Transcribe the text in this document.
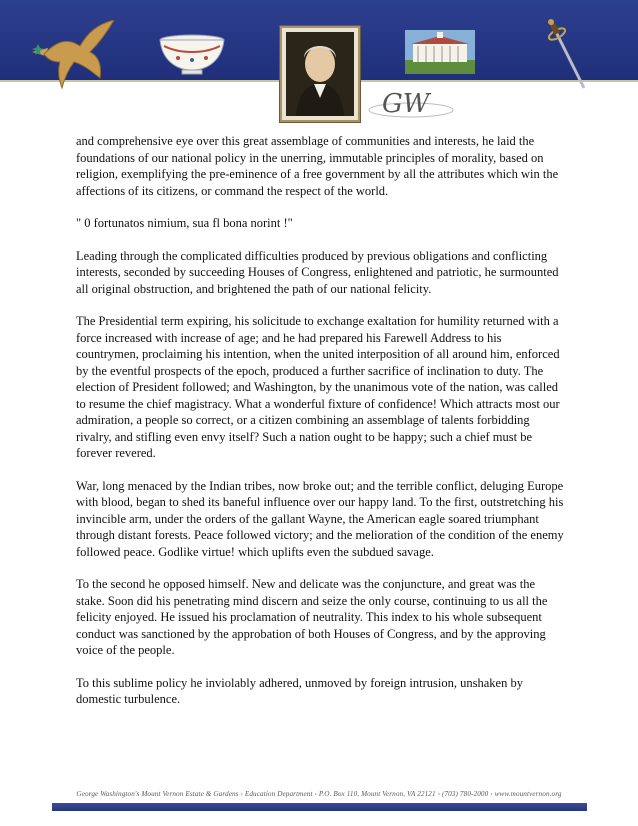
GW

and comprehensive eye over this great assemblage of communities and interests, he laid the foundations of our national policy in the unerring, immutable principles of morality, based on religion, exemplifying the pre-eminence of a free government by all the attributes which win the affections of its citizens, or command the respect of the world.

" 0 fortunatos nimium, sua fl bona norint !"

Leading through the complicated difficulties produced by previous obligations and conflicting interests, seconded by succeeding Houses of Congress, enlightened and patriotic, he surmounted all original obstruction, and brightened the path of our national felicity.

The Presidential term expiring, his solicitude to exchange exaltation for humility returned with a force increased with increase of age; and he had prepared his Farewell Address to his countrymen, proclaiming his intention, when the united interposition of all around him, enforced by the eventful prospects of the epoch, produced a further sacrifice of inclination to duty. The election of President followed; and Washington, by the unanimous vote of the nation, was called to resume the chief magistracy. What a wonderful fixture of confidence! Which attracts most our admiration, a people so correct, or a citizen combining an assemblage of talents forbidding rivalry, and stifling even envy itself? Such a nation ought to be happy; such a chief must be forever revered.

War, long menaced by the Indian tribes, now broke out; and the terrible conflict, deluging Europe with blood, began to shed its baneful influence over our happy land. To the first, outstretching his invincible arm, under the orders of the gallant Wayne, the American eagle soared triumphant through distant forests. Peace followed victory; and the melioration of the condition of the enemy followed peace. Godlike virtue! which uplifts even the subdued savage.

To the second he opposed himself. New and delicate was the conjuncture, and great was the stake. Soon did his penetrating mind discern and seize the only course, continuing to us all the felicity enjoyed. He issued his proclamation of neutrality. This index to his whole subsequent conduct was sanctioned by the approbation of both Houses of Congress, and by the approving voice of the people.

To this sublime policy he inviolably adhered, unmoved by foreign intrusion, unshaken by domestic turbulence.

George Washington's Mount Vernon Estate & Gardens › Education Department › P.O. Box 110, Mount Vernon, VA 22121 › (703) 780-2000 › www.mountvernon.org
